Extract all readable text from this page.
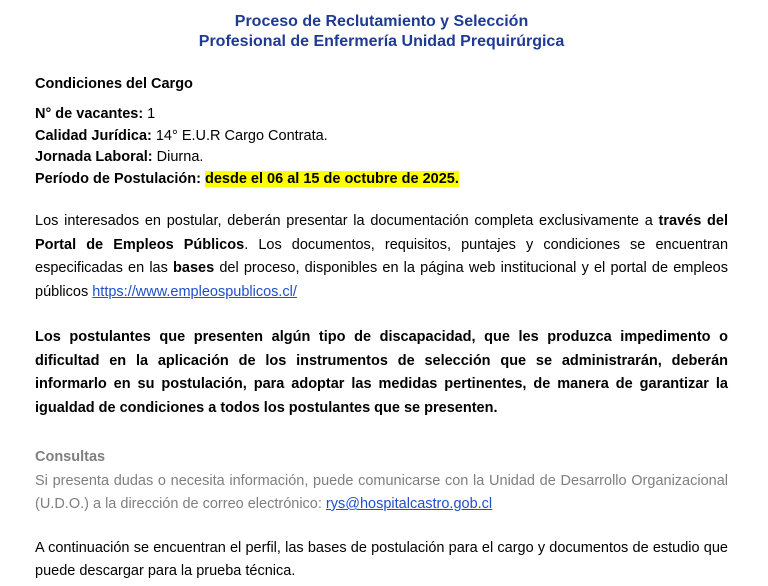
Proceso de Reclutamiento y Selección
Profesional de Enfermería Unidad Prequirúrgica
Condiciones del Cargo
N° de vacantes: 1
Calidad Jurídica: 14° E.U.R Cargo Contrata.
Jornada Laboral: Diurna.
Período de Postulación: desde el 06 al 15 de octubre de 2025.

Los interesados en postular, deberán presentar la documentación completa exclusivamente a través del Portal de Empleos Públicos. Los documentos, requisitos, puntajes y condiciones se encuentran especificadas en las bases del proceso, disponibles en la página web institucional y el portal de empleos públicos https://www.empleospublicos.cl/

Los postulantes que presenten algún tipo de discapacidad, que les produzca impedimento o dificultad en la aplicación de los instrumentos de selección que se administrarán, deberán informarlo en su postulación, para adoptar las medidas pertinentes, de manera de garantizar la igualdad de condiciones a todos los postulantes que se presenten.

Consultas

Si presenta dudas o necesita información, puede comunicarse con la Unidad de Desarrollo Organizacional (U.D.O.) a la dirección de correo electrónico: rys@hospitalcastro.gob.cl

A continuación se encuentran el perfil, las bases de postulación para el cargo y documentos de estudio que puede descargar para la prueba técnica.
